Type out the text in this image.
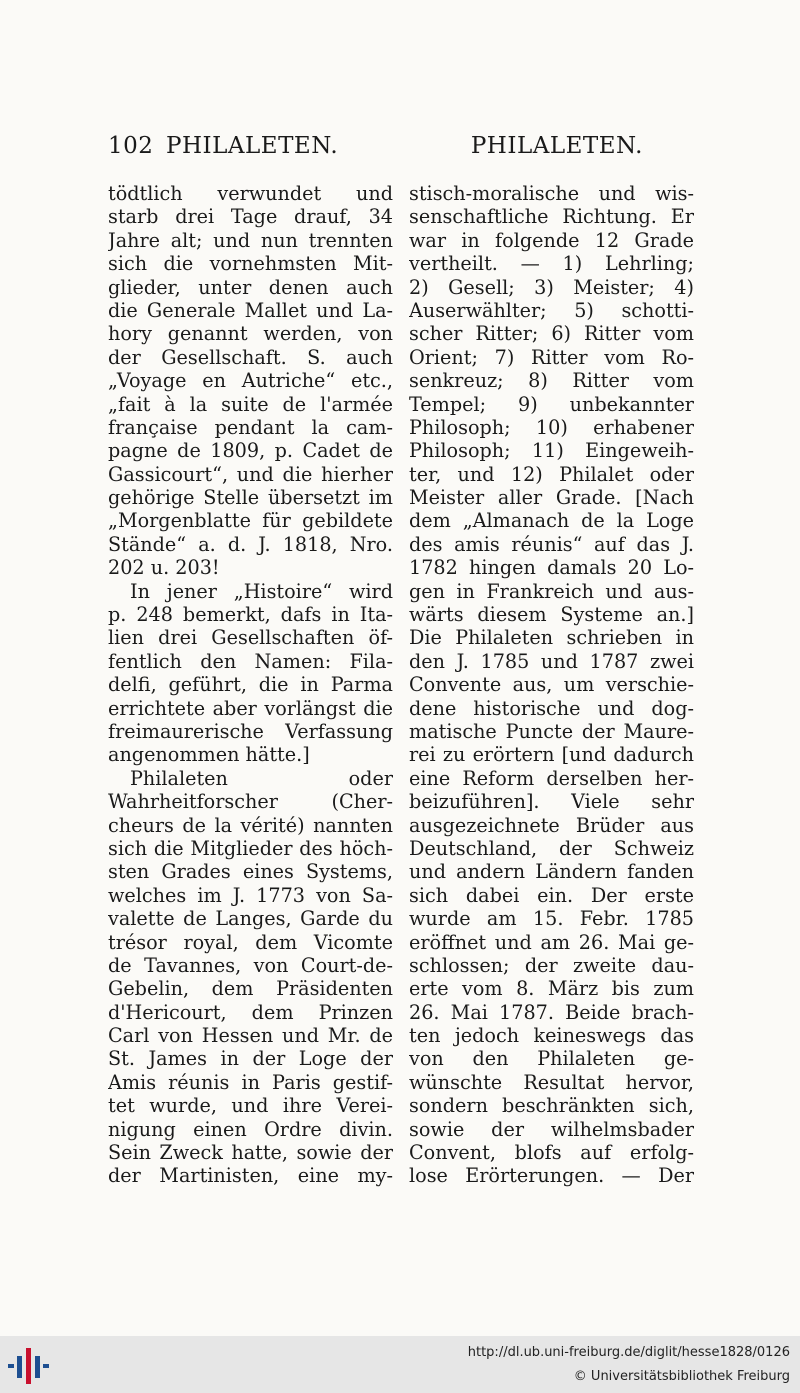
102 PHILALETEN.	PHILALETEN.
tödtlich verwundet und
starb drei Tage drauf, 34
Jahre alt; und nun trennten
sich die vornehmsten Mit-
glieder, unter denen auch
die Generale Mallet und La-
hory genannt werden, von
der Gesellschaft. S. auch
„Voyage en Autriche“ etc.,
„fait à la suite de l'armée
française pendant la cam-
pagne de 1809, p. Cadet de
Gassicourt“, und die hierher
gehörige Stelle übersetzt im
„Morgenblatte für gebildete
Stände“ a. d. J. 1818, Nro.
202 u. 203!
In jener „Histoire“ wird
p. 248 bemerkt, dafs in Ita-
lien drei Gesellschaften öf-
fentlich den Namen: Fila-
delfi, geführt, die in Parma
errichtete aber vorlängst die
freimaurerische Verfassung
angenommen hätte.]
Philaleten oder
Wahrheitforscher (Cher-
cheurs de la vérité) nannten
sich die Mitglieder des höch-
sten Grades eines Systems,
welches im J. 1773 von Sa-
valette de Langes, Garde du
trésor royal, dem Vicomte
de Tavannes, von Court-de-
Gebelin, dem Präsidenten
d'Hericourt, dem Prinzen
Carl von Hessen und Mr. de
St. James in der Loge der
Amis réunis in Paris gestif-
tet wurde, und ihre Verei-
nigung einen Ordre divin.
Sein Zweck hatte, sowie der
der Martinisten, eine my-
stisch-moralische und wis-
senschaftliche Richtung. Er
war in folgende 12 Grade
vertheilt. — 1) Lehrling;
2) Gesell; 3) Meister; 4)
Auserwählter; 5) schotti-
scher Ritter; 6) Ritter vom
Orient; 7) Ritter vom Ro-
senkreuz; 8) Ritter vom
Tempel; 9) unbekannter
Philosoph; 10) erhabener
Philosoph; 11) Eingeweih-
ter, und 12) Philalet oder
Meister aller Grade. [Nach
dem „Almanach de la Loge
des amis réunis“ auf das J.
1782 hingen damals 20 Lo-
gen in Frankreich und aus-
wärts diesem Systeme an.]
Die Philaleten schrieben in
den J. 1785 und 1787 zwei
Convente aus, um verschie-
dene historische und dog-
matische Puncte der Maure-
rei zu erörtern [und dadurch
eine Reform derselben her-
beizuführen]. Viele sehr
ausgezeichnete Brüder aus
Deutschland, der Schweiz
und andern Ländern fanden
sich dabei ein. Der erste
wurde am 15. Febr. 1785
eröffnet und am 26. Mai ge-
schlossen; der zweite dau-
erte vom 8. März bis zum
26. Mai 1787. Beide brach-
ten jedoch keineswegs das
von den Philaleten ge-
wünschte Resultat hervor,
sondern beschränkten sich,
sowie der wilhelmsbader
Convent, blofs auf erfolg-
lose Erörterungen. — Der
http://dl.ub.uni-freiburg.de/diglit/hesse1828/0126
© Universitätsbibliothek Freiburg
